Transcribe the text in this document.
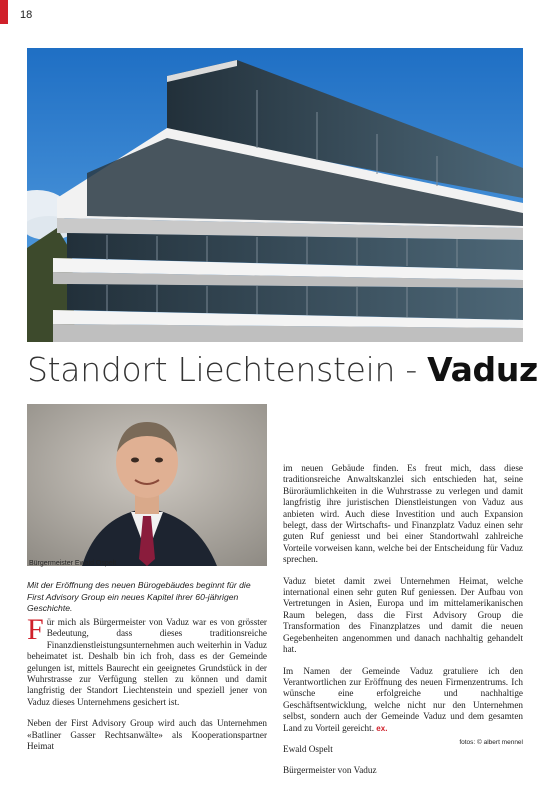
18
Standort Liechtenstein - Vaduz
Bürgermeister Ewald Ospelt
Mit der Eröffnung des neuen Bürogebäudes beginnt für die First Advisory Group ein neues Kapitel ihrer 60-jährigen Geschichte.

Für mich als Bürgermeister von Vaduz war es von grösster Bedeutung, dass dieses traditionsreiche Finanzdienstleistungsunternehmen auch weiterhin in Vaduz beheimatet ist. Deshalb bin ich froh, dass es der Gemeinde gelungen ist, mittels Baurecht ein geeignetes Grundstück in der Wuhrstrasse zur Verfügung stellen zu können und damit langfristig der Standort Liechtenstein und speziell jener von Vaduz dieses Unternehmens gesichert ist.

Neben der First Advisory Group wird auch das Unternehmen «Batliner Gasser Rechtsanwälte» als Kooperationspartner Heimat

im neuen Gebäude finden. Es freut mich, dass diese traditionsreiche Anwaltskanzlei sich entschieden hat, seine Büroräumlichkeiten in die Wuhrstrasse zu verlegen und damit langfristig ihre juristischen Dienstleistungen von Vaduz aus anbieten wird. Auch diese Investition und auch Expansion belegt, dass der Wirtschafts- und Finanzplatz Vaduz einen sehr guten Ruf geniesst und bei einer Standortwahl zahlreiche Vorteile vorweisen kann, welche bei der Entscheidung für Vaduz sprechen.

Vaduz bietet damit zwei Unternehmen Heimat, welche international einen sehr guten Ruf geniessen. Der Aufbau von Vertretungen in Asien, Europa und im mittelamerikanischen Raum belegen, dass die First Advisory Group die Transformation des Finanzplatzes und damit die neuen Gegebenheiten angenommen und danach nachhaltig gehandelt hat.

Im Namen der Gemeinde Vaduz gratuliere ich den Verantwortlichen zur Eröffnung des neuen Firmenzentrums. Ich wünsche eine erfolgreiche und nachhaltige Geschäftsentwicklung, welche nicht nur den Unternehmen selbst, sondern auch der Gemeinde Vaduz und dem gesamten Land zu Vorteil gereicht. ex.

Ewald Ospelt

Bürgermeister von Vaduz

fotos: © albert mennel
